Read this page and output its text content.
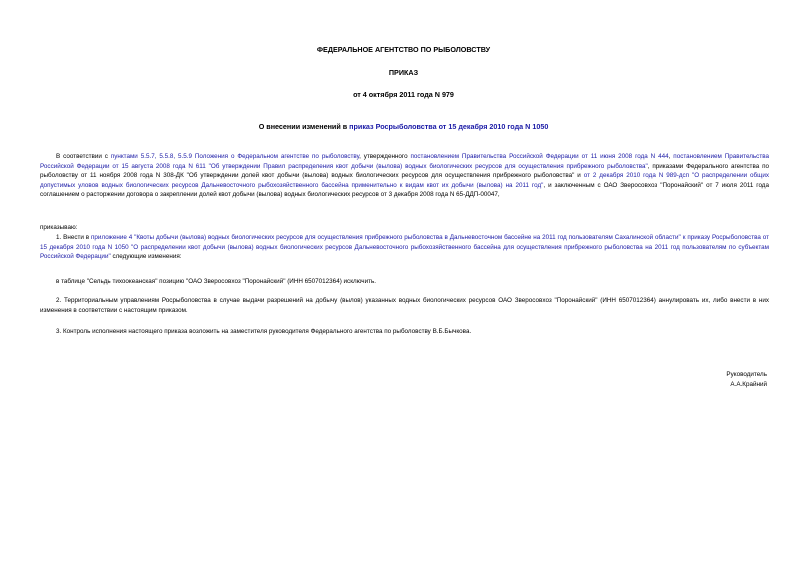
ФЕДЕРАЛЬНОЕ АГЕНТСТВО ПО РЫБОЛОВСТВУ
ПРИКАЗ
от 4 октября 2011 года N 979
О внесении изменений в приказ Росрыболовства от 15 декабря 2010 года N 1050

В соответствии с пунктами 5.5.7, 5.5.8, 5.5.9 Положения о Федеральном агентстве по рыболовству, утвержденного постановлением Правительства Российской Федерации от 11 июня 2008 года N 444, постановлением Правительства Российской Федерации от 15 августа 2008 года N 611 "Об утверждении Правил распределения квот добычи (вылова) водных биологических ресурсов для осуществления прибрежного рыболовства", приказами Федерального агентства по рыболовству от 11 ноября 2008 года N 308-ДК "Об утверждении долей квот добычи (вылова) водных биологических ресурсов для осуществления прибрежного рыболовства" и от 2 декабря 2010 года N 989-дсп "О распределении общих допустимых уловов водных биологических ресурсов Дальневосточного рыбохозяйственного бассейна применительно к видам квот их добычи (вылова) на 2011 год", и заключенным с ОАО Зверосовхоз "Поронайский" от 7 июля 2011 года соглашением о расторжении договора о закреплении долей квот добычи (вылова) водных биологических ресурсов от 3 декабря 2008 года N 65-ДДП-00047,

приказываю:

1. Внести в приложение 4 "Квоты добычи (вылова) водных биологических ресурсов для осуществления прибрежного рыболовства в Дальневосточном бассейне на 2011 год пользователям Сахалинской области" к приказу Росрыболовства от 15 декабря 2010 года N 1050 "О распределении квот добычи (вылова) водных биологических ресурсов Дальневосточного рыбохозяйственного бассейна для осуществления прибрежного рыболовства на 2011 год пользователям по субъектам Российской Федерации" следующие изменения:

в таблице "Сельдь тихоокеанская" позицию "ОАО Зверосовхоз "Поронайский" (ИНН 6507012364) исключить.

2. Территориальным управлениям Росрыболовства в случае выдачи разрешений на добычу (вылов) указанных водных биологических ресурсов ОАО Зверосовхоз "Поронайский" (ИНН 6507012364) аннулировать их, либо внести в них изменения в соответствии с настоящим приказом.

3. Контроль исполнения настоящего приказа возложить на заместителя руководителя Федерального агентства по рыболовству В.Б.Бычкова.

Руководитель
А.А.Крайний
